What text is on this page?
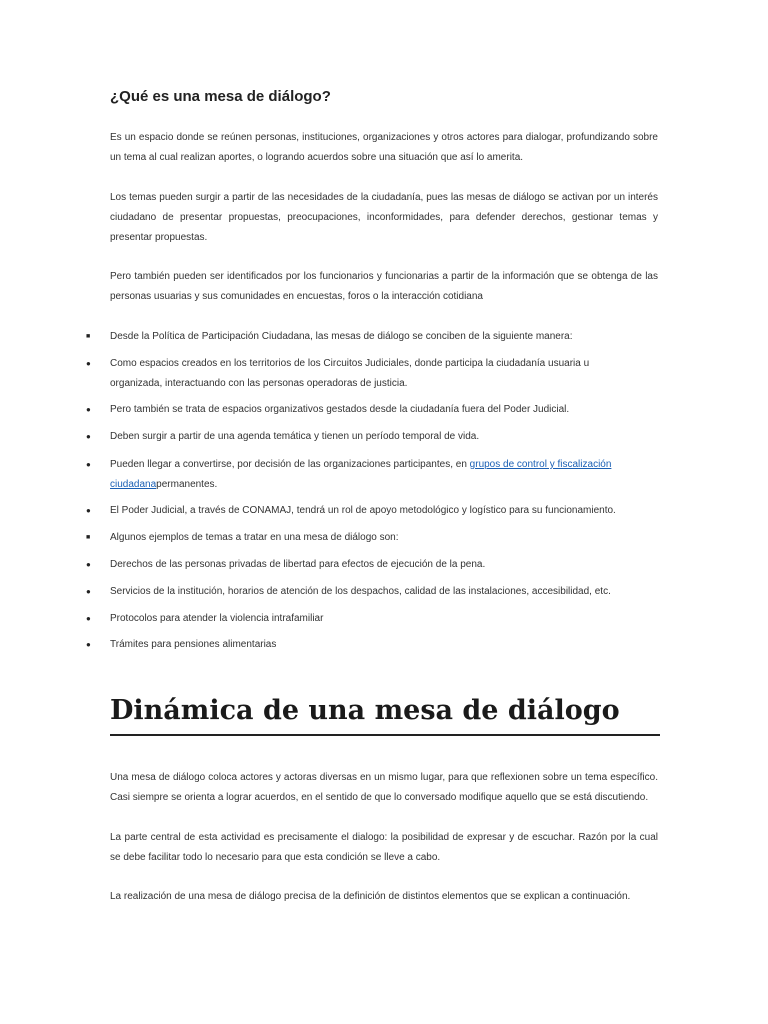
¿Qué es una mesa de diálogo?

Es un espacio donde se reúnen personas, instituciones, organizaciones y otros actores para dialogar, profundizando sobre un tema al cual realizan aportes, o logrando acuerdos sobre una situación que así lo amerita.

Los temas pueden surgir a partir de las necesidades de la ciudadanía, pues las mesas de diálogo se activan por un interés ciudadano de presentar propuestas, preocupaciones, inconformidades, para defender derechos, gestionar temas y presentar propuestas.

Pero también pueden ser identificados por los funcionarios y funcionarias a partir de la información que se obtenga de las personas usuarias y sus comunidades en encuestas, foros o la interacción cotidiana

■ Desde la Política de Participación Ciudadana, las mesas de diálogo se conciben de la siguiente manera:
● Como espacios creados en los territorios de los Circuitos Judiciales, donde participa la ciudadanía usuaria u organizada, interactuando con las personas operadoras de justicia.
● Pero también se trata de espacios organizativos gestados desde la ciudadanía fuera del Poder Judicial.
● Deben surgir a partir de una agenda temática y tienen un período temporal de vida.
● Pueden llegar a convertirse, por decisión de las organizaciones participantes, en grupos de control y fiscalización ciudadanapermanentes.
● El Poder Judicial, a través de CONAMAJ, tendrá un rol de apoyo metodológico y logístico para su funcionamiento.
■ Algunos ejemplos de temas a tratar en una mesa de diálogo son:
● Derechos de las personas privadas de libertad para efectos de ejecución de la pena.
● Servicios de la institución, horarios de atención de los despachos, calidad de las instalaciones, accesibilidad, etc.
● Protocolos para atender la violencia intrafamiliar
● Trámites para pensiones alimentarias
Dinámica de una mesa de diálogo

Una mesa de diálogo coloca actores y actoras diversas en un mismo lugar, para que reflexionen sobre un tema específico. Casi siempre se orienta a lograr acuerdos, en el sentido de que lo conversado modifique aquello que se está discutiendo.

La parte central de esta actividad es precisamente el dialogo: la posibilidad de expresar y de escuchar. Razón por la cual se debe facilitar todo lo necesario para que esta condición se lleve a cabo.

La realización de una mesa de diálogo precisa de la definición de distintos elementos que se explican a continuación.
